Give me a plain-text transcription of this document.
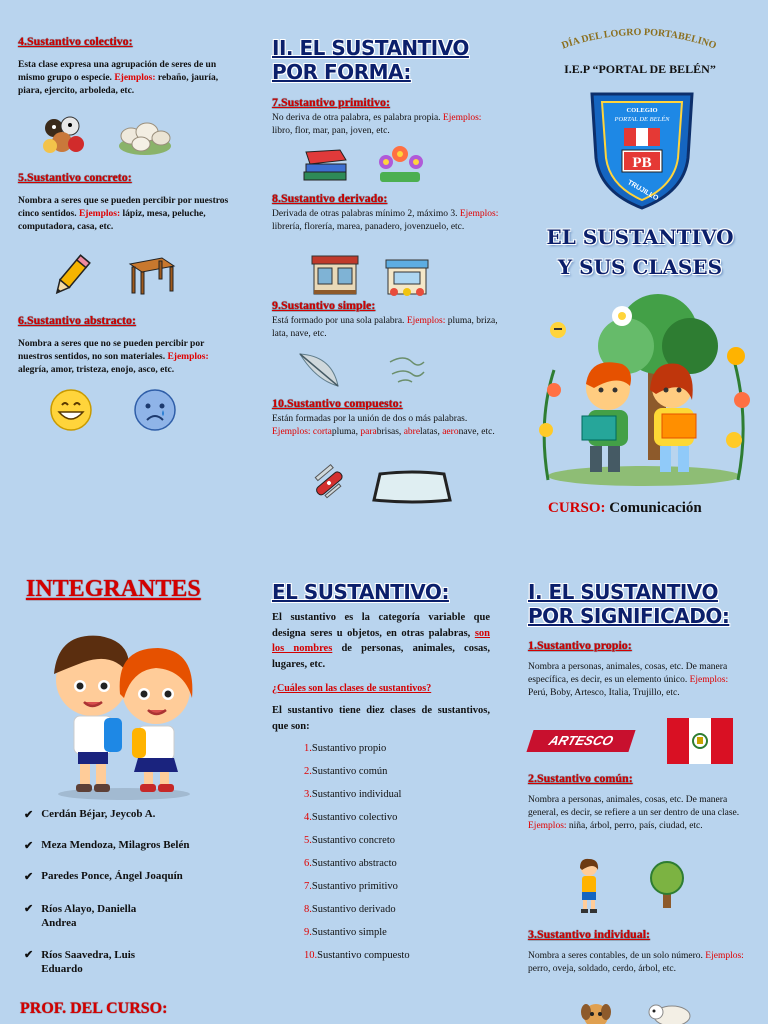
4.Sustantivo colectivo:
Esta clase expresa una agrupación de seres de un mismo grupo o especie. Ejemplos: rebaño, jauría, piara, ejercito, arboleda, etc.
5.Sustantivo concreto:
Nombra a seres que se pueden percibir por nuestros cinco sentidos. Ejemplos: lápiz, mesa, peluche, computadora, casa, etc.
6.Sustantivo abstracto:
Nombra a seres que no se pueden percibir por nuestros sentidos, no son materiales. Ejemplos: alegría, amor, tristeza, enojo, asco, etc.
II. EL SUSTANTIVO POR FORMA:
7.Sustantivo primitivo:
No deriva de otra palabra, es palabra propia. Ejemplos: libro, flor, mar, pan, joven, etc.
8.Sustantivo derivado:
Derivada de otras palabras mínimo 2, máximo 3. Ejemplos: librería, florería, marea, panadero, jovenzuelo, etc.
9.Sustantivo simple:
Está formado por una sola palabra. Ejemplos: pluma, briza, lata, nave, etc.
10.Sustantivo compuesto:
Están formadas por la unión de dos o más palabras. Ejemplos: cortapluma, parabrisas, abrelatas, aeronave, etc.
DÍA DEL LOGRO PORTABELINO
I.E.P “PORTAL DE BELÉN”
COLEGIO
PORTAL DE BELÉN
PB
TRUJILLO
EL SUSTANTIVO
Y SUS CLASES
CURSO: Comunicación
INTEGRANTES
✔ Cerdán Béjar, Jeycob A.
✔ Meza Mendoza, Milagros Belén
✔ Paredes Ponce, Ángel Joaquín
✔ Ríos Alayo, Daniella Andrea
✔ Ríos Saavedra, Luis Eduardo
PROF. DEL CURSO:
EL SUSTANTIVO:
El sustantivo es la categoría variable que designa seres u objetos, en otras palabras, son los nombres de personas, animales, cosas, lugares, etc.
¿Cuáles son las clases de sustantivos?
El sustantivo tiene diez clases de sustantivos, que son:
1.Sustantivo propio
2.Sustantivo común
3.Sustantivo individual
4.Sustantivo colectivo
5.Sustantivo concreto
6.Sustantivo abstracto
7.Sustantivo primitivo
8.Sustantivo derivado
9.Sustantivo simple
10.Sustantivo compuesto
I. EL SUSTANTIVO POR SIGNIFICADO:
1.Sustantivo propio:
Nombra a personas, animales, cosas, etc. De manera específica, es decir, es un elemento único. Ejemplos: Perú, Boby, Artesco, Italia, Trujillo, etc.
ARTESCO
2.Sustantivo común:
Nombra a personas, animales, cosas, etc. De manera general, es decir, se refiere a un ser dentro de una clase. Ejemplos: niña, árbol, perro, país, ciudad, etc.
3.Sustantivo individual:
Nombra a seres contables, de un solo número. Ejemplos: perro, oveja, soldado, cerdo, árbol, etc.
